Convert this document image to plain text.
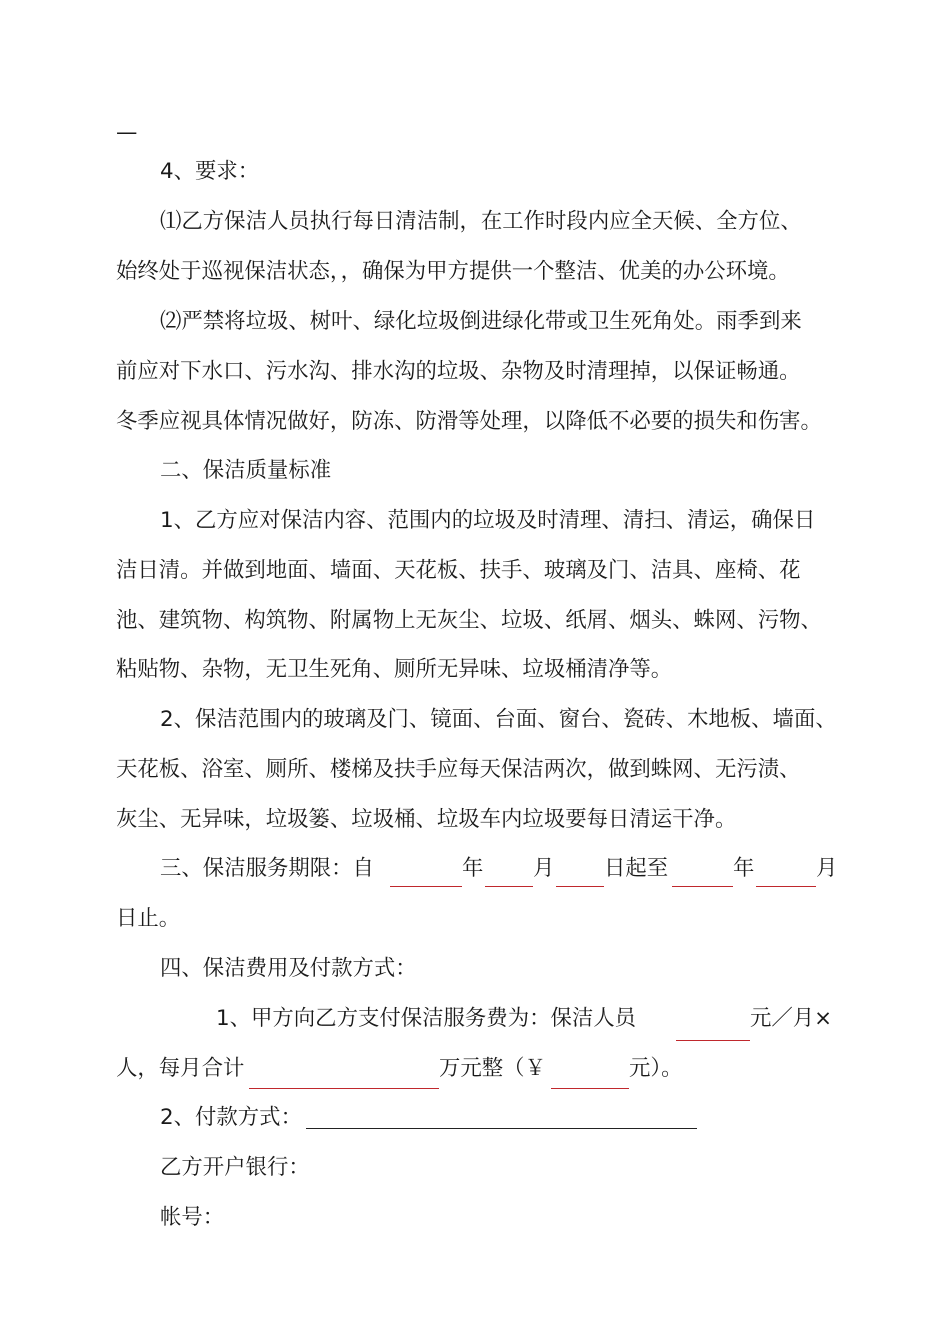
—
4、要求：
⑴乙方保洁人员执行每日清洁制，在工作时段内应全天候、全方位、
始终处于巡视保洁状态，，确保为甲方提供一个整洁、优美的办公环境。
⑵严禁将垃圾、树叶、绿化垃圾倒进绿化带或卫生死角处。雨季到来
前应对下水口、污水沟、排水沟的垃圾、杂物及时清理掉，以保证畅通。
冬季应视具体情况做好，防冻、防滑等处理，以降低不必要的损失和伤害。
二、保洁质量标准
1、乙方应对保洁内容、范围内的垃圾及时清理、清扫、清运，确保日
洁日清。并做到地面、墙面、天花板、扶手、玻璃及门、洁具、座椅、花
池、建筑物、构筑物、附属物上无灰尘、垃圾、纸屑、烟头、蛛网、污物、
粘贴物、杂物，无卫生死角、厕所无异味、垃圾桶清净等。
2、保洁范围内的玻璃及门、镜面、台面、窗台、瓷砖、木地板、墙面、
天花板、浴室、厕所、楼梯及扶手应每天保洁两次，做到蛛网、无污渍、
灰尘、无异味，垃圾篓、垃圾桶、垃圾车内垃圾要每日清运干净。
三、保洁服务期限：自	年 月 日起至	年	月
日止。
四、保洁费用及付款方式：
1、甲方向乙方支付保洁服务费为：保洁人员	元／月×
人，每月合计	万元整（￥	元）。
2、付款方式：
乙方开户银行：
帐号：
